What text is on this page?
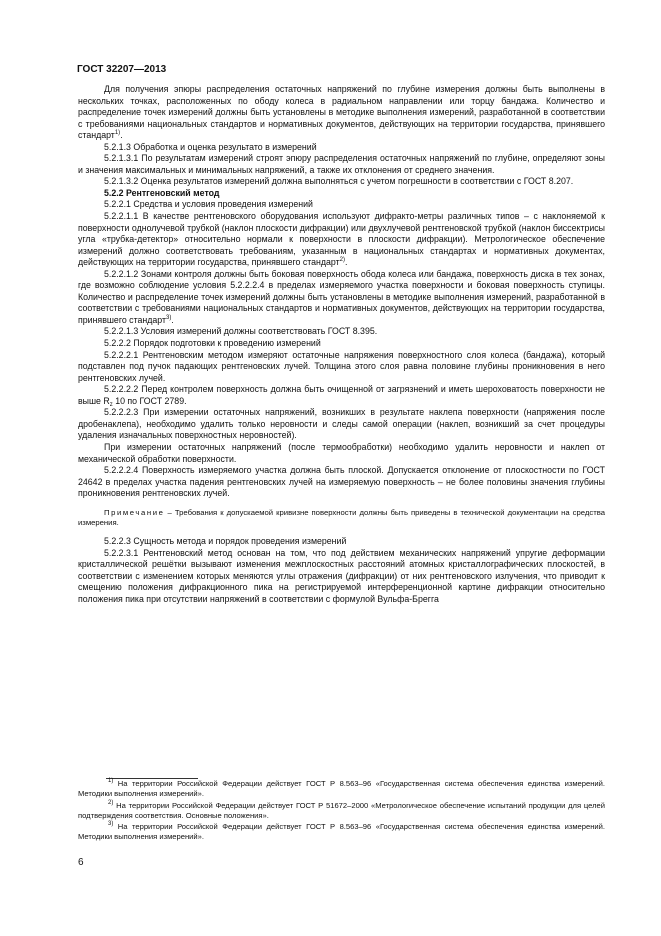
ГОСТ 32207—2013

Для получения эпюры распределения остаточных напряжений по глубине измерения должны быть выполнены в нескольких точках, расположенных по ободу колеса в радиальном направлении или торцу бандажа. Количество и распределение точек измерений должны быть установлены в методике выполнения измерений, разработанной в соответствии с требованиями национальных стандартов и нормативных документов, действующих на территории государства, принявшего стандарт$^{1)}$.

5.2.1.3 Обработка и оценка результато в измерений

5.2.1.3.1 По результатам измерений строят эпюру распределения остаточных напряжений по глубине, определяют зоны и значения максимальных и минимальных напряжений, а также их отклонения от среднего значения.

5.2.1.3.2 Оценка результатов измерений должна выполняться с учетом погрешности в соответствии с ГОСТ 8.207.

5.2.2 Рентгеновский метод

5.2.2.1 Средства и условия проведения измерений

5.2.2.1.1 В качестве рентгеновского оборудования используют дифракто-метры различных типов – с наклоняемой к поверхности однолучевой трубкой (наклон плоскости дифракции) или двухлучевой рентгеновской трубкой (наклон биссектрисы угла «трубка-детектор» относительно нормали к поверхности в плоскости дифракции). Метрологическое обеспечение измерений должно соответствовать требованиям, указанным в национальных стандартах и нормативных документах, действующих на территории государства, принявшего стандарт$^{2)}$.

5.2.2.1.2 Зонами контроля должны быть боковая поверхность обода колеса или бандажа, поверхность диска в тех зонах, где возможно соблюдение условия 5.2.2.2.4 в пределах измеряемого участка поверхности и боковая поверхность ступицы. Количество и распределение точек измерений должны быть установлены в методике выполнения измерений, разработанной в соответствии с требованиями национальных стандартов и нормативных документов, действующих на территории государства, принявшего стандарт$^{3)}$.

5.2.2.1.3 Условия измерений должны соответствовать ГОСТ 8.395.

5.2.2.2 Порядок подготовки к проведению измерений

5.2.2.2.1 Рентгеновским методом измеряют остаточные напряжения поверхностного слоя колеса (бандажа), который подставлен под пучок падающих рентгеновских лучей. Толщина этого слоя равна половине глубины проникновения в него рентгеновских лучей.

5.2.2.2.2 Перед контролем поверхность должна быть очищенной от загрязнений и иметь шероховатость поверхности не выше $R_z$ 10 по ГОСТ 2789.

5.2.2.2.3 При измерении остаточных напряжений, возникших в результате наклепа поверхности (напряжения после дробенаклепа), необходимо удалить только неровности и следы самой операции (наклеп, возникший за счет процедуры удаления изначальных поверхностных неровностей).

При измерении остаточных напряжений (после термообработки) необходимо удалить неровности и наклеп от механической обработки поверхности.

5.2.2.2.4 Поверхность измеряемого участка должна быть плоской. Допускается отклонение от плоскостности по ГОСТ 24642 в пределах участка падения рентгеновских лучей на измеряемую поверхность – не более половины значения глубины проникновения рентгеновских лучей.

Примечание – Требования к допускаемой кривизне поверхности должны быть приведены в технической документации на средства измерения.

5.2.2.3 Сущность метода и порядок проведения измерений

5.2.2.3.1 Рентгеновский метод основан на том, что под действием механических напряжений упругие деформации кристаллической решётки вызывают изменения межплоскостных расстояний атомных кристаллографических плоскостей, в соответствии с изменением которых меняются углы отражения (дифракции) от них рентгеновского излучения, что приводит к смещению положения дифракционного пика на регистрируемой интерференционной картине дифракции относительно положения пика при отсутствии напряжений в соответствии с формулой Вульфа-Брегга

$^{1)}$ На территории Российской Федерации действует ГОСТ Р 8.563–96 «Государственная система обеспечения единства измерений. Методики выполнения измерений».

$^{2)}$ На территории Российской Федерации действует ГОСТ Р 51672–2000 «Метрологическое обеспечение испытаний продукции для целей подтверждения соответствия. Основные положения».

$^{3)}$ На территории Российской Федерации действует ГОСТ Р 8.563–96 «Государственная система обеспечения единства измерений. Методики выполнения измерений».

6
